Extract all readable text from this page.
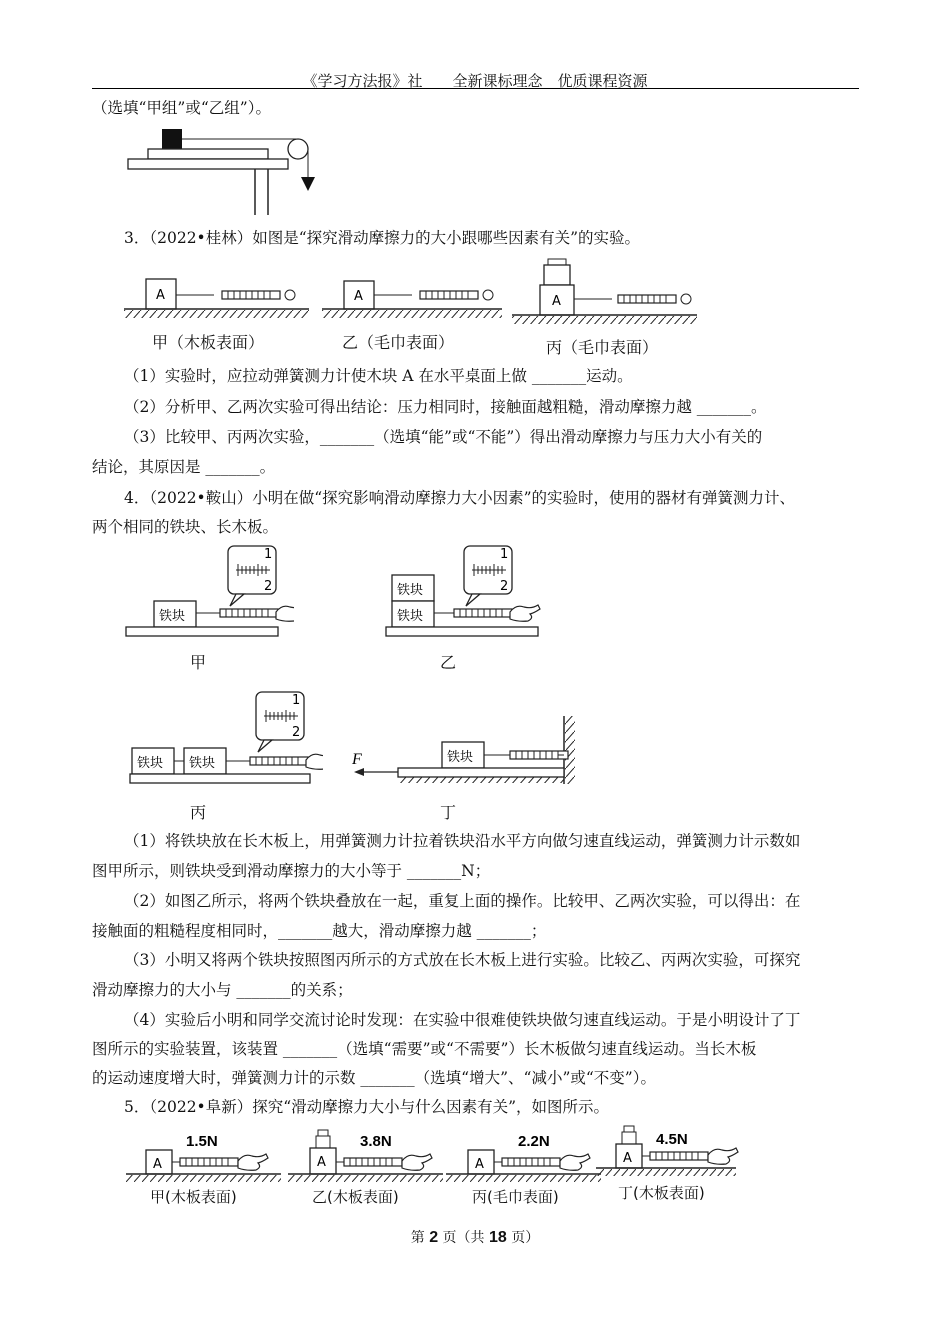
《学习方法报》社　　全新课标理念　优质课程资源
（选填“甲组”或“乙组”）。
3．（2022•桂林）如图是“探究滑动摩擦力的大小跟哪些因素有关”的实验。
A
甲（木板表面）
A
乙（毛巾表面）
A
丙（毛巾表面）
（1）实验时，应拉动弹簧测力计使木块 A 在水平桌面上做 _______运动。
（2）分析甲、乙两次实验可得出结论：压力相同时，接触面越粗糙，滑动摩擦力越 _______。
（3）比较甲、丙两次实验，_______（选填“能”或“不能”）得出滑动摩擦力与压力大小有关的
结论，其原因是 _______。
4．（2022•鞍山）小明在做“探究影响滑动摩擦力大小因素”的实验时，使用的器材有弹簧测力计、
两个相同的铁块、长木板。
1
2
铁块
甲
1
2
铁块
铁块
乙
1
2
铁块 铁块
丙
铁块
F
丁
（1）将铁块放在长木板上，用弹簧测力计拉着铁块沿水平方向做匀速直线运动，弹簧测力计示数如
图甲所示，则铁块受到滑动摩擦力的大小等于 _______N；
（2）如图乙所示，将两个铁块叠放在一起，重复上面的操作。比较甲、乙两次实验，可以得出：在
接触面的粗糙程度相同时，_______越大，滑动摩擦力越 _______；
（3）小明又将两个铁块按照图丙所示的方式放在长木板上进行实验。比较乙、丙两次实验，可探究
滑动摩擦力的大小与 _______的关系；
（4）实验后小明和同学交流讨论时发现：在实验中很难使铁块做匀速直线运动。于是小明设计了丁
图所示的实验装置，该装置 _______（选填“需要”或“不需要”）长木板做匀速直线运动。当长木板
的运动速度增大时，弹簧测力计的示数 _______（选填“增大”、“减小”或“不变”）。
5．（2022•阜新）探究“滑动摩擦力大小与什么因素有关”，如图所示。
1.5N
A
甲(木板表面)
3.8N
A
乙(木板表面)
2.2N
A
丙(毛巾表面)
4.5N
A
丁(木板表面)
第 2 页（共 18 页）
